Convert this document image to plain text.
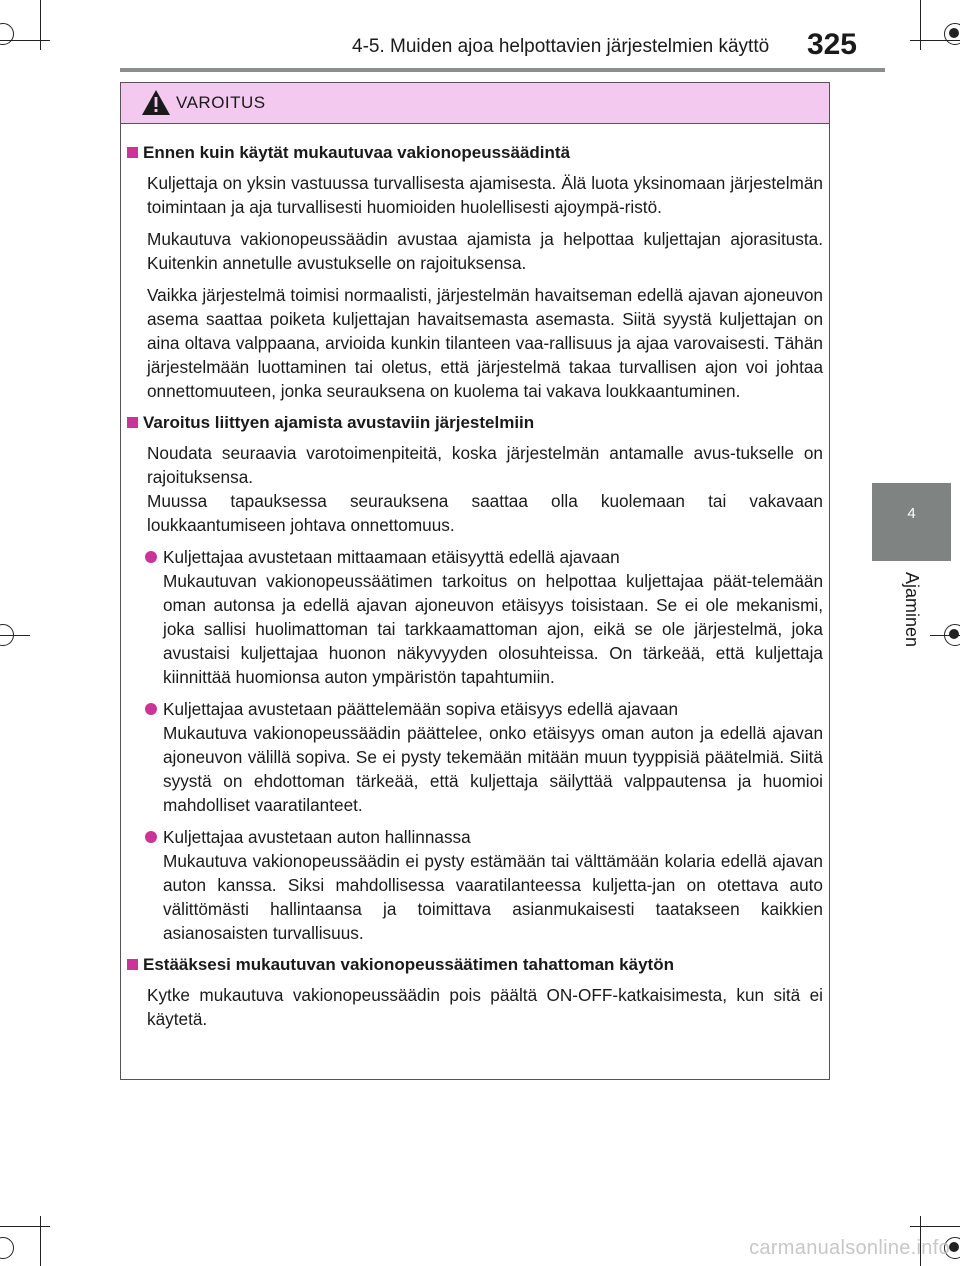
4-5. Muiden ajoa helpottavien järjestelmien käyttö 325
4
Ajaminen
VAROITUS
Ennen kuin käytät mukautuvaa vakionopeussäädintä

Kuljettaja on yksin vastuussa turvallisesta ajamisesta. Älä luota yksinomaan järjestelmän toimintaan ja aja turvallisesti huomioiden huolellisesti ajoympä-ristö.

Mukautuva vakionopeussäädin avustaa ajamista ja helpottaa kuljettajan ajorasitusta. Kuitenkin annetulle avustukselle on rajoituksensa.

Vaikka järjestelmä toimisi normaalisti, järjestelmän havaitseman edellä ajavan ajoneuvon asema saattaa poiketa kuljettajan havaitsemasta asemasta. Siitä syystä kuljettajan on aina oltava valppaana, arvioida kunkin tilanteen vaa-rallisuus ja ajaa varovaisesti. Tähän järjestelmään luottaminen tai oletus, että järjestelmä takaa turvallisen ajon voi johtaa onnettomuuteen, jonka seurauksena on kuolema tai vakava loukkaantuminen.

Varoitus liittyen ajamista avustaviin järjestelmiin

Noudata seuraavia varotoimenpiteitä, koska järjestelmän antamalle avus-tukselle on rajoituksensa.

Muussa tapauksessa seurauksena saattaa olla kuolemaan tai vakavaan loukkaantumiseen johtava onnettomuus.

Kuljettajaa avustetaan mittaamaan etäisyyttä edellä ajavaan
Mukautuvan vakionopeussäätimen tarkoitus on helpottaa kuljettajaa päät-telemään oman autonsa ja edellä ajavan ajoneuvon etäisyys toisistaan. Se ei ole mekanismi, joka sallisi huolimattoman tai tarkkaamattoman ajon, eikä se ole järjestelmä, joka avustaisi kuljettajaa huonon näkyvyyden olosuhteissa. On tärkeää, että kuljettaja kiinnittää huomionsa auton ympäristön tapahtumiin.
Kuljettajaa avustetaan päättelemään sopiva etäisyys edellä ajavaan
Mukautuva vakionopeussäädin päättelee, onko etäisyys oman auton ja edellä ajavan ajoneuvon välillä sopiva. Se ei pysty tekemään mitään muun tyyppisiä päätelmiä. Siitä syystä on ehdottoman tärkeää, että kuljettaja säilyttää valppautensa ja huomioi mahdolliset vaaratilanteet.
Kuljettajaa avustetaan auton hallinnassa
Mukautuva vakionopeussäädin ei pysty estämään tai välttämään kolaria edellä ajavan auton kanssa. Siksi mahdollisessa vaaratilanteessa kuljetta-jan on otettava auto välittömästi hallintaansa ja toimittava asianmukaisesti taatakseen kaikkien asianosaisten turvallisuus.
Estääksesi mukautuvan vakionopeussäätimen tahattoman käytön

Kytke mukautuva vakionopeussäädin pois päältä ON-OFF-katkaisimesta, kun sitä ei käytetä.

carmanualsonline.info
